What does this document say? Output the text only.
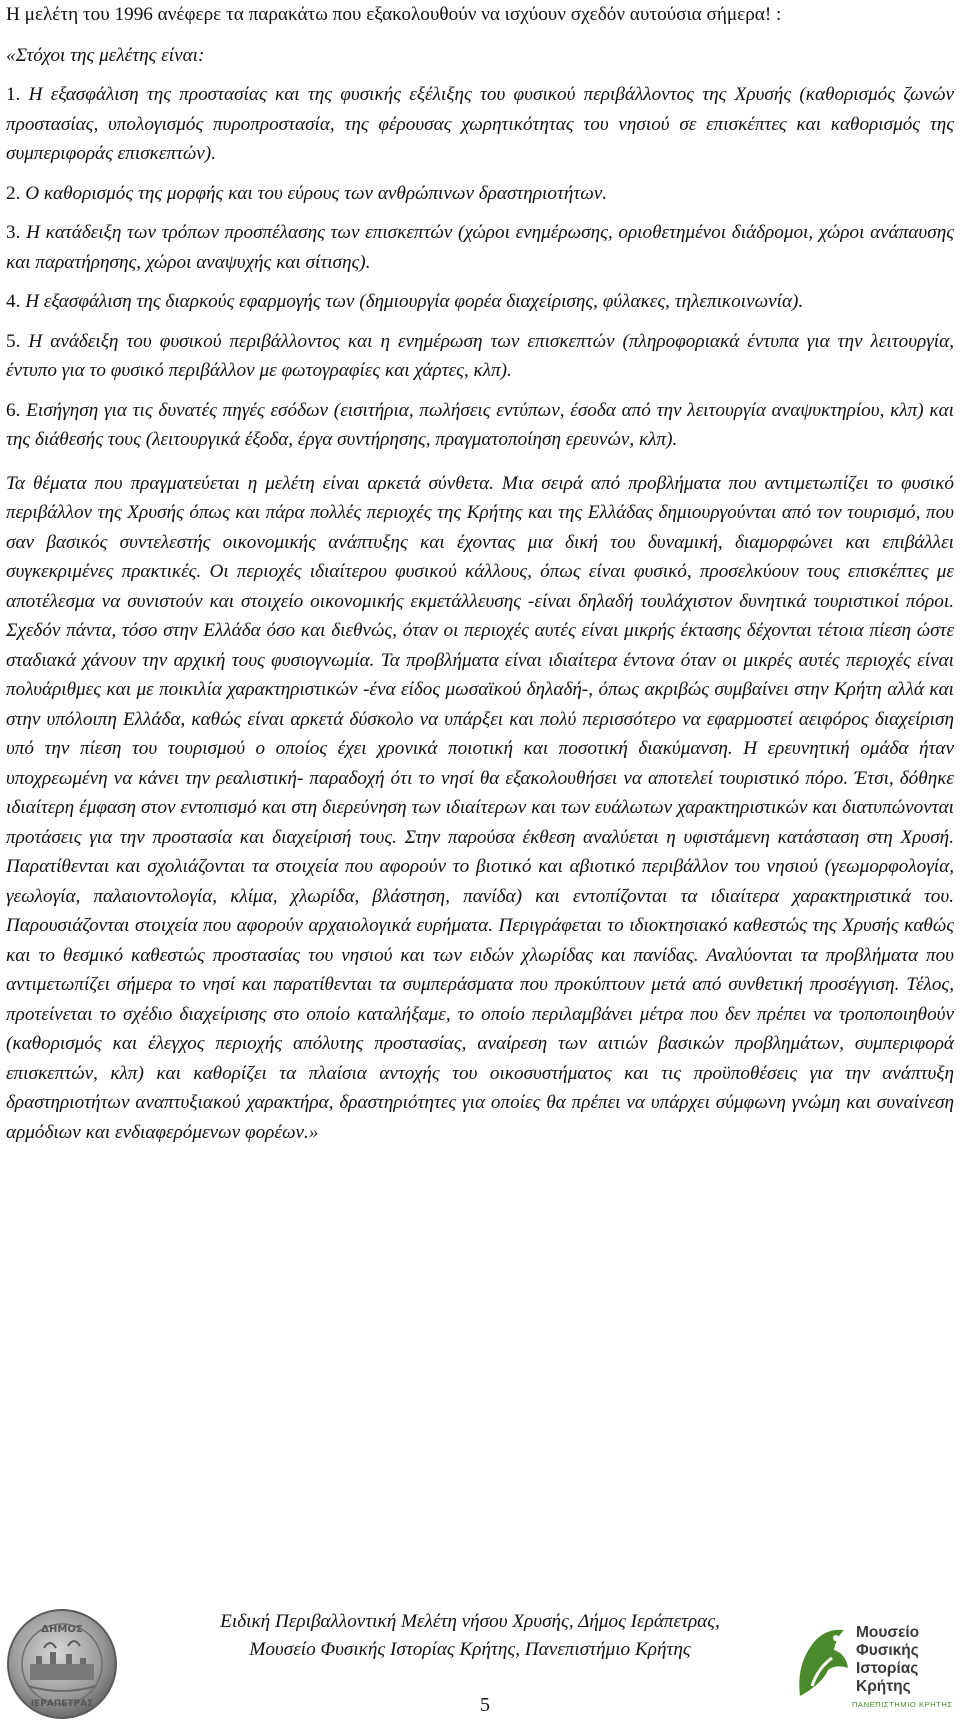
Η μελέτη του 1996 ανέφερε τα παρακάτω που εξακολουθούν να ισχύουν σχεδόν αυτούσια σήμερα! :

«Στόχοι της μελέτης είναι:

1. Η εξασφάλιση της προστασίας και της φυσικής εξέλιξης του φυσικού περιβάλλοντος της Χρυσής (καθορισμός ζωνών προστασίας, υπολογισμός πυροπροστασία, της φέρουσας χωρητικότητας του νησιού σε επισκέπτες και καθορισμός της συμπεριφοράς επισκεπτών).

2. Ο καθορισμός της μορφής και του εύρους των ανθρώπινων δραστηριοτήτων.

3. Η κατάδειξη των τρόπων προσπέλασης των επισκεπτών (χώροι ενημέρωσης, οριοθετημένοι διάδρομοι, χώροι ανάπαυσης και παρατήρησης, χώροι αναψυχής και σίτισης).

4. Η εξασφάλιση της διαρκούς εφαρμογής των (δημιουργία φορέα διαχείρισης, φύλακες, τηλεπικοινωνία).

5. Η ανάδειξη του φυσικού περιβάλλοντος και η ενημέρωση των επισκεπτών (πληροφοριακά έντυπα για την λειτουργία, έντυπο για το φυσικό περιβάλλον με φωτογραφίες και χάρτες, κλπ).

6. Εισήγηση για τις δυνατές πηγές εσόδων (εισιτήρια, πωλήσεις εντύπων, έσοδα από την λειτουργία αναψυκτηρίου, κλπ) και της διάθεσής τους (λειτουργικά έξοδα, έργα συντήρησης, πραγματοποίηση ερευνών, κλπ).

Τα θέματα που πραγματεύεται η μελέτη είναι αρκετά σύνθετα. Μια σειρά από προβλήματα που αντιμετωπίζει το φυσικό περιβάλλον της Χρυσής όπως και πάρα πολλές περιοχές της Κρήτης και της Ελλάδας δημιουργούνται από τον τουρισμό, που σαν βασικός συντελεστής οικονομικής ανάπτυξης και έχοντας μια δική του δυναμική, διαμορφώνει και επιβάλλει συγκεκριμένες πρακτικές. Οι περιοχές ιδιαίτερου φυσικού κάλλους, όπως είναι φυσικό, προσελκύουν τους επισκέπτες με αποτέλεσμα να συνιστούν και στοιχείο οικονομικής εκμετάλλευσης -είναι δηλαδή τουλάχιστον δυνητικά τουριστικοί πόροι. Σχεδόν πάντα, τόσο στην Ελλάδα όσο και διεθνώς, όταν οι περιοχές αυτές είναι μικρής έκτασης δέχονται τέτοια πίεση ώστε σταδιακά χάνουν την αρχική τους φυσιογνωμία. Τα προβλήματα είναι ιδιαίτερα έντονα όταν οι μικρές αυτές περιοχές είναι πολυάριθμες και με ποικιλία χαρακτηριστικών -ένα είδος μωσαϊκού δηλαδή-, όπως ακριβώς συμβαίνει στην Κρήτη αλλά και στην υπόλοιπη Ελλάδα, καθώς είναι αρκετά δύσκολο να υπάρξει και πολύ περισσότερο να εφαρμοστεί αειφόρος διαχείριση υπό την πίεση του τουρισμού ο οποίος έχει χρονικά ποιοτική και ποσοτική διακύμανση. Η ερευνητική ομάδα ήταν υποχρεωμένη να κάνει την ρεαλιστική- παραδοχή ότι το νησί θα εξακολουθήσει να αποτελεί τουριστικό πόρο. Έτσι, δόθηκε ιδιαίτερη έμφαση στον εντοπισμό και στη διερεύνηση των ιδιαίτερων και των ευάλωτων χαρακτηριστικών και διατυπώνονται προτάσεις για την προστασία και διαχείρισή τους. Στην παρούσα έκθεση αναλύεται η υφιστάμενη κατάσταση στη Χρυσή. Παρατίθενται και σχολιάζονται τα στοιχεία που αφορούν το βιοτικό και αβιοτικό περιβάλλον του νησιού (γεωμορφολογία, γεωλογία, παλαιοντολογία, κλίμα, χλωρίδα, βλάστηση, πανίδα) και εντοπίζονται τα ιδιαίτερα χαρακτηριστικά του. Παρουσιάζονται στοιχεία που αφορούν αρχαιολογικά ευρήματα. Περιγράφεται το ιδιοκτησιακό καθεστώς της Χρυσής καθώς και το θεσμικό καθεστώς προστασίας του νησιού και των ειδών χλωρίδας και πανίδας. Αναλύονται τα προβλήματα που αντιμετωπίζει σήμερα το νησί και παρατίθενται τα συμπεράσματα που προκύπτουν μετά από συνθετική προσέγγιση. Τέλος, προτείνεται το σχέδιο διαχείρισης στο οποίο καταλήξαμε, το οποίο περιλαμβάνει μέτρα που δεν πρέπει να τροποποιηθούν (καθορισμός και έλεγχος περιοχής απόλυτης προστασίας, αναίρεση των αιτιών βασικών προβλημάτων, συμπεριφορά επισκεπτών, κλπ) και καθορίζει τα πλαίσια αντοχής του οικοσυστήματος και τις προϋποθέσεις για την ανάπτυξη δραστηριοτήτων αναπτυξιακού χαρακτήρα, δραστηριότητες για οποίες θα πρέπει να υπάρχει σύμφωνη γνώμη και συναίνεση αρμόδιων και ενδιαφερόμενων φορέων.»

ΔΗΜΟΣ
ΙΕΡΑΠΕΤΡΑΣ
Ειδική Περιβαλλοντική Μελέτη νήσου Χρυσής, Δήμος Ιεράπετρας,
Μουσείο Φυσικής Ιστορίας Κρήτης, Πανεπιστήμιο Κρήτης
5
Μουσείο
Φυσικής
Ιστορίας
Κρήτης
ΠΑΝΕΠΙΣΤΗΜΙΟ ΚΡΗΤΗΣ
